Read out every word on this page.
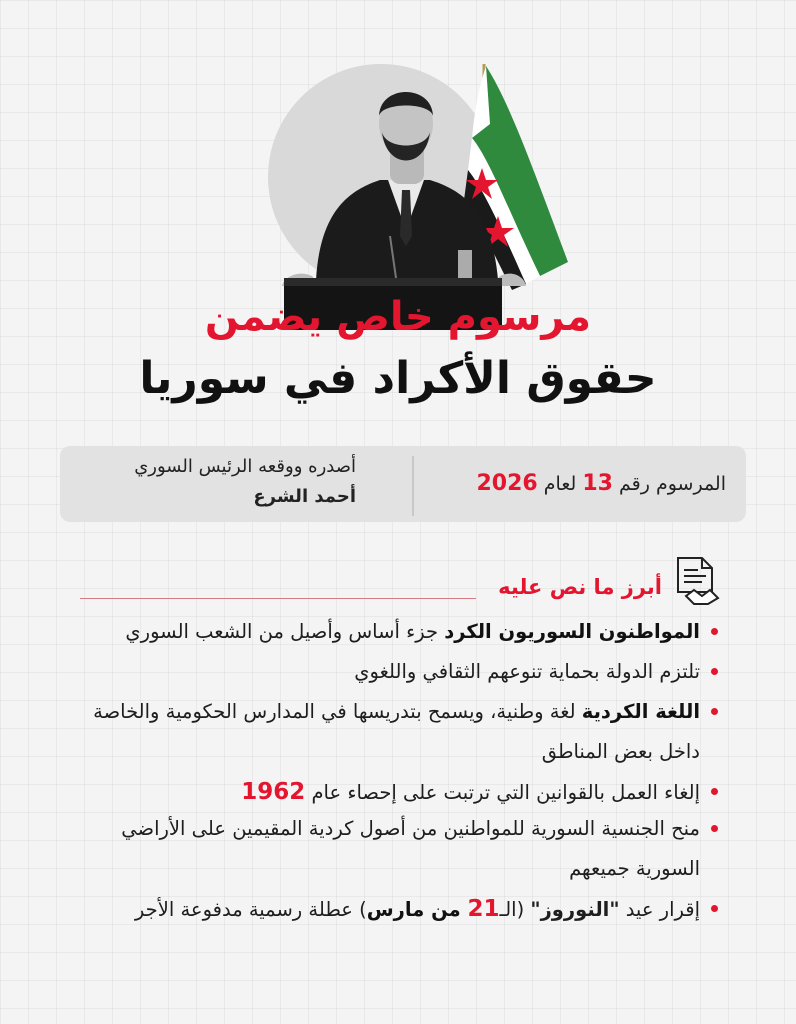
مرسوم خاص يضمن
حقوق الأكراد في سوريا
المرسوم رقم 13 لعام 2026
أصدره ووقعه الرئيس السوري
أحمد الشرع
أبرز ما نص عليه
المواطنون السوريون الكرد جزء أساس وأصيل من الشعب السوري
تلتزم الدولة بحماية تنوعهم الثقافي واللغوي
اللغة الكردية لغة وطنية، ويسمح بتدريسها في المدارس الحكومية والخاصة داخل بعض المناطق
إلغاء العمل بالقوانين التي ترتبت على إحصاء عام 1962
منح الجنسية السورية للمواطنين من أصول كردية المقيمين على الأراضي السورية جميعهم
إقرار عيد "النوروز" (الـ21 من مارس) عطلة رسمية مدفوعة الأجر
